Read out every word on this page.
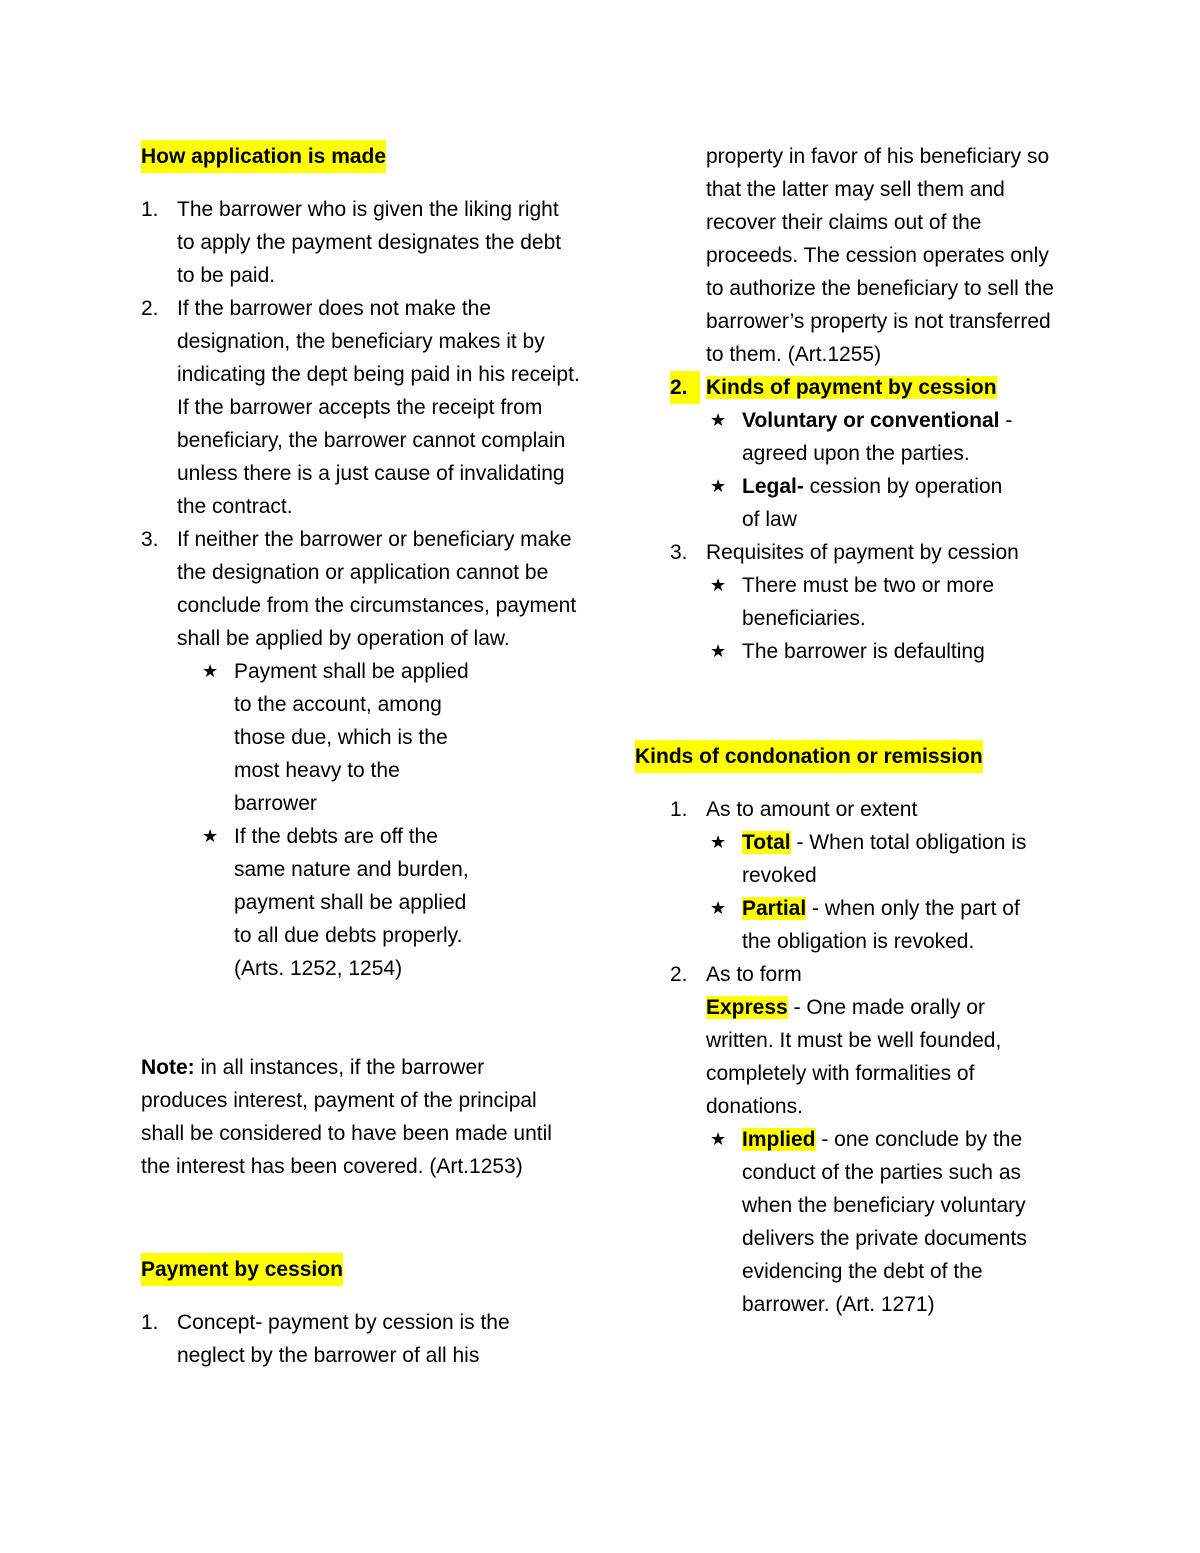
How application is made
1. The barrower who is given the liking right to apply the payment designates the debt to be paid.
2. If the barrower does not make the designation, the beneficiary makes it by indicating the dept being paid in his receipt. If the barrower accepts the receipt from beneficiary, the barrower cannot complain unless there is a just cause of invalidating the contract.
3. If neither the barrower or beneficiary make the designation or application cannot be conclude from the circumstances, payment shall be applied by operation of law.
★ Payment shall be applied to the account, among those due, which is the most heavy to the barrower
★ If the debts are off the same nature and burden, payment shall be applied to all due debts properly. (Arts. 1252, 1254)

Note: in all instances, if the barrower produces interest, payment of the principal shall be considered to have been made until the interest has been covered. (Art.1253)

Payment by cession
1. Concept- payment by cession is the neglect by the barrower of all his
property in favor of his beneficiary so that the latter may sell them and recover their claims out of the proceeds. The cession operates only to authorize the beneficiary to sell the barrower’s property is not transferred to them. (Art.1255)
2. Kinds of payment by cession
★ Voluntary or conventional - agreed upon the parties.
★ Legal- cession by operation of law
3. Requisites of payment by cession
★ There must be two or more beneficiaries.
★ The barrower is defaulting
Kinds of condonation or remission
1. As to amount or extent
★ Total - When total obligation is revoked
★ Partial - when only the part of the obligation is revoked.
2. As to form
Express - One made orally or written. It must be well founded, completely with formalities of donations.
★ Implied - one conclude by the conduct of the parties such as when the beneficiary voluntary delivers the private documents evidencing the debt of the barrower. (Art. 1271)
